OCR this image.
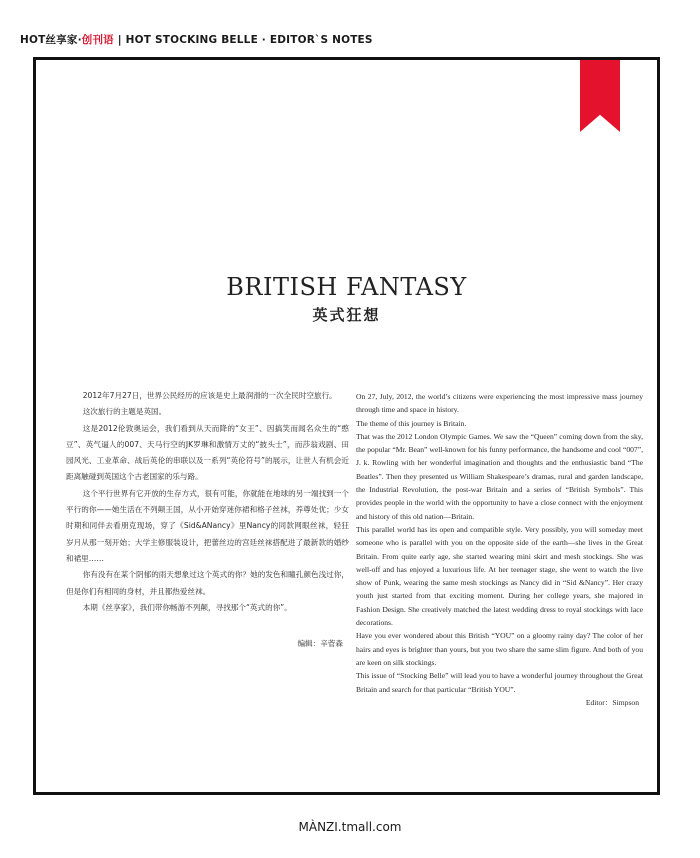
HOT丝享家·创刊语 | HOT STOCKING BELLE · EDITOR`S NOTES
BRITISH FANTASY
英式狂想

2012年7月27日，世界公民经历的应该是史上最润滑的一次全民时空旅行。

这次旅行的主题是英国。

这是2012伦敦奥运会，我们看到从天而降的“女王”、因搞笑而闻名众生的“憨豆”、英气逼人的007、天马行空的JK罗琳和激情万丈的“披头士”，而莎翁戏剧、田园风光、工业革命、战后英伦的串联以及一系列“英伦符号”的展示，让世人有机会近距离触碰到英国这个古老国家的乐与路。

这个平行世界有它开放的生存方式，很有可能，你就能在地球的另一端找到一个平行的你——她生活在不列颠王国，从小开始穿迷你裙和格子丝袜，养尊处优；少女时期和同伴去看朋克现场，穿了《Sid&ANancy》里Nancy的同款网眼丝袜，轻狂岁月从那一刻开始；大学主修服装设计，把蕾丝边的宫廷丝袜搭配进了最新款的婚纱和裙里……

你有没有在某个阴郁的雨天想象过这个英式的你？她的发色和瞳孔颜色浅过你，但是你们有相同的身材，并且都热爱丝袜。

本期《丝享家》，我们带你畅游不列颠，寻找那个“英式的你”。

编辑：辛菅森

On 27, July, 2012, the world’s citizens were experiencing the most impressive mass journey through time and space in history.

The theme of this journey is Britain.

That was the 2012 London Olympic Games. We saw the “Queen” coming down from the sky, the popular “Mr. Bean” well-known for his funny performance, the handsome and cool “007”, J. k. Rowling with her wonderful imagination and thoughts and the enthusiastic band “The Beatles”. Then they presented us William Shakespeare’s dramas, rural and garden landscape, the Industrial Revolution, the post-war Britain and a series of “British Symbols”. This provides people in the world with the opportunity to have a close connect with the enjoyment and history of this old nation—Britain.

This parallel world has its open and compatible style. Very possibly, you will someday meet someone who is parallel with you on the opposite side of the earth—she lives in the Great Britain. From quite early age, she started wearing mini skirt and mesh stockings. She was well-off and has enjoyed a luxurious life. At her teenager stage, she went to watch the live show of Punk, wearing the same mesh stockings as Nancy did in “Sid &Nancy”. Her crazy youth just started from that exciting moment. During her college years, she majored in Fashion Design. She creatively matched the latest wedding dress to royal stockings with lace decorations.

Have you ever wondered about this British “YOU” on a gloomy rainy day? The color of her hairs and eyes is brighter than yours, but you two share the same slim figure. And both of you are keen on silk stockings.

This issue of “Stocking Belle” will lead you to have a wonderful journey throughout the Great Britain and search for that particular “British YOU”.

Editor：Simpson

MÀNZI.tmall.com
